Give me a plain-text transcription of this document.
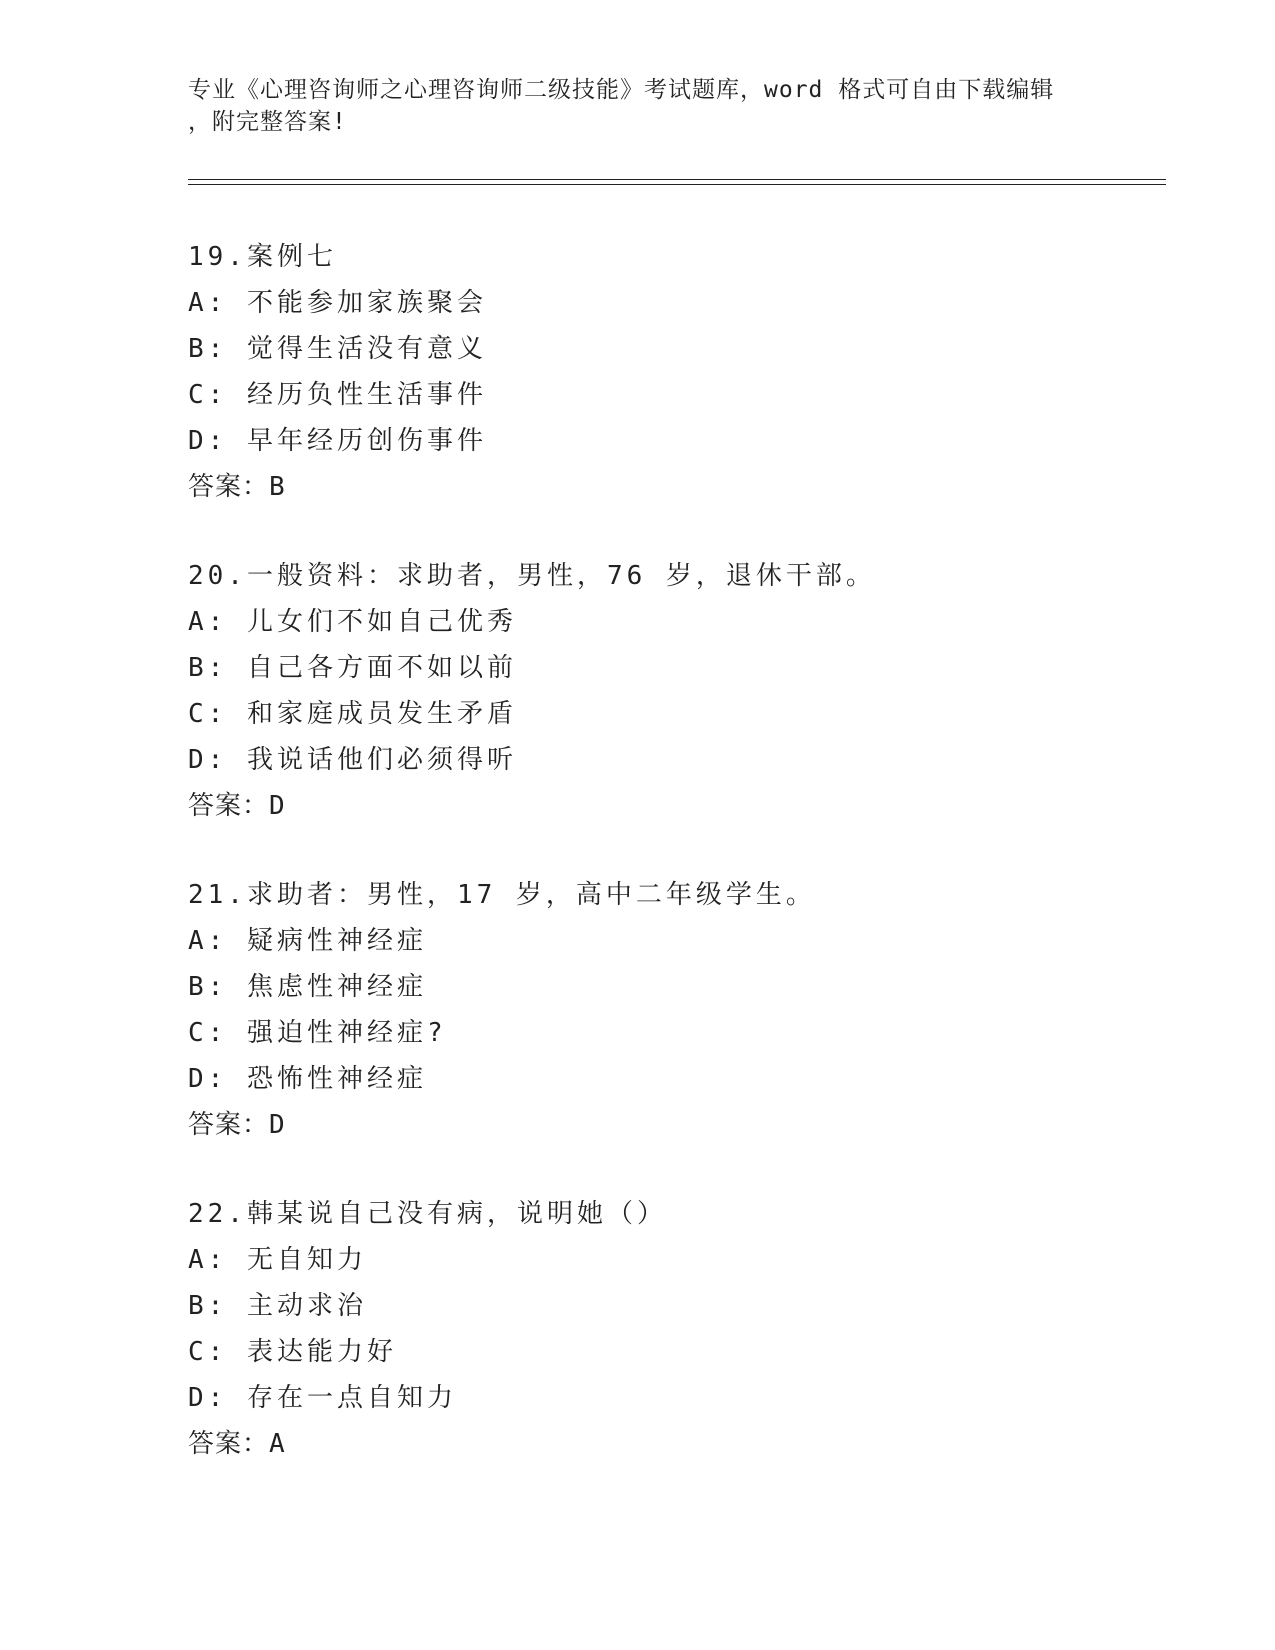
专业《心理咨询师之心理咨询师二级技能》考试题库，word 格式可自由下载编辑
，附完整答案!
19.案例七
A: 不能参加家族聚会
B: 觉得生活没有意义
C: 经历负性生活事件
D: 早年经历创伤事件
答案：B
20.一般资料：求助者，男性，76 岁，退休干部。
A: 儿女们不如自己优秀
B: 自己各方面不如以前
C: 和家庭成员发生矛盾
D: 我说话他们必须得听
答案：D
21.求助者：男性，17 岁，高中二年级学生。
A: 疑病性神经症
B: 焦虑性神经症
C: 强迫性神经症?
D: 恐怖性神经症
答案：D
22.韩某说自己没有病，说明她（）
A: 无自知力
B: 主动求治
C: 表达能力好
D: 存在一点自知力
答案：A
